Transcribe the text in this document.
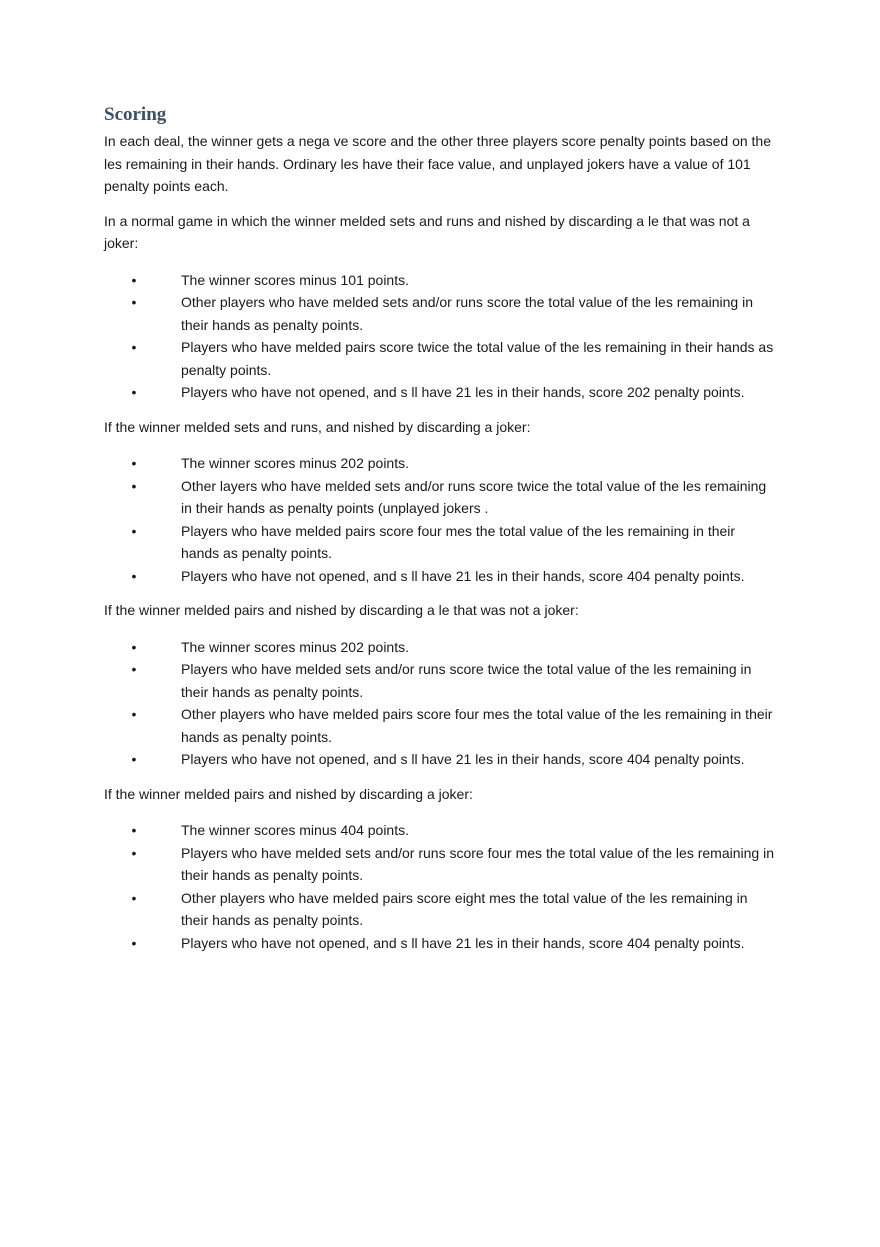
Scoring

In each deal, the winner gets a nega ve score and the other three players score penalty points based on the les remaining in their hands. Ordinary les have their face value, and unplayed jokers have a value of 101 penalty points each.

In a normal game in which the winner melded sets and runs and nished by discarding a le that was not a joker:

•	The winner scores minus 101 points.
•	Other players who have melded sets and/or runs score the total value of the les remaining in their hands as penalty points.
•	Players who have melded pairs score twice the total value of the les remaining in their hands as penalty points.
•	Players who have not opened, and s ll have 21 les in their hands, score 202 penalty points.

If the winner melded sets and runs, and nished by discarding a joker:

•	The winner scores minus 202 points.
•	Other layers who have melded sets and/or runs score twice the total value of the les remaining in their hands as penalty points (unplayed jokers .
•	Players who have melded pairs score four mes the total value of the les remaining in their hands as penalty points.
•	Players who have not opened, and s ll have 21 les in their hands, score 404 penalty points.

If the winner melded pairs and nished by discarding a le that was not a joker:

•	The winner scores minus 202 points.
•	Players who have melded sets and/or runs score twice the total value of the les remaining in their hands as penalty points.
•	Other players who have melded pairs score four mes the total value of the les remaining in their hands as penalty points.
•	Players who have not opened, and s ll have 21 les in their hands, score 404 penalty points.

If the winner melded pairs and nished by discarding a joker:

•	The winner scores minus 404 points.
•	Players who have melded sets and/or runs score four mes the total value of the les remaining in their hands as penalty points.
•	Other players who have melded pairs score eight mes the total value of the les remaining in their hands as penalty points.
•	Players who have not opened, and s ll have 21 les in their hands, score 404 penalty points.
